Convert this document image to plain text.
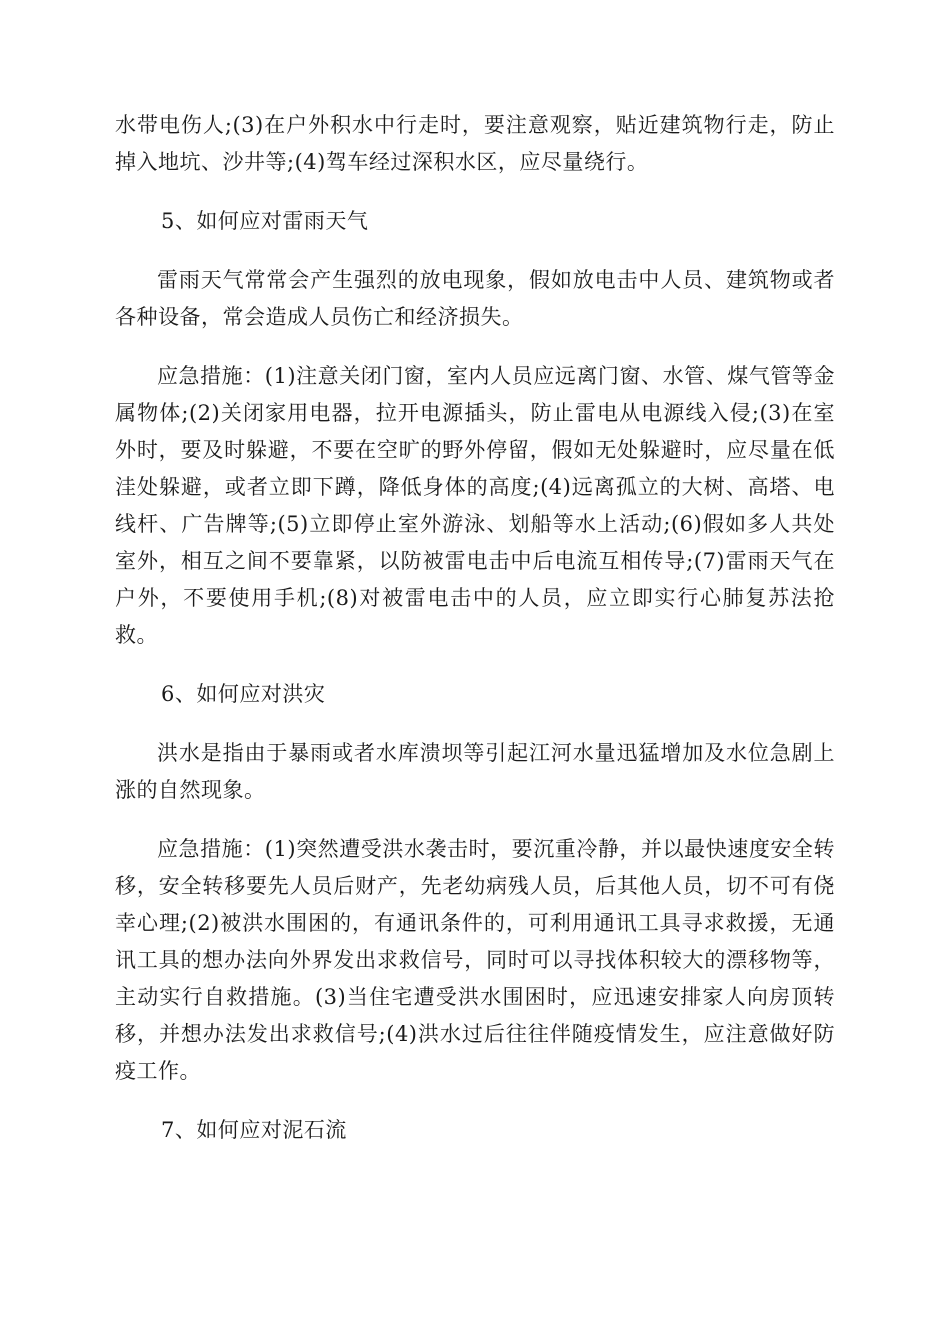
水带电伤人;(3)在户外积水中行走时，要注意观察，贴近建筑物行走，防止掉入地坑、沙井等;(4)驾车经过深积水区，应尽量绕行。

5、如何应对雷雨天气

雷雨天气常常会产生强烈的放电现象，假如放电击中人员、建筑物或者各种设备，常会造成人员伤亡和经济损失。

应急措施：(1)注意关闭门窗，室内人员应远离门窗、水管、煤气管等金属物体;(2)关闭家用电器，拉开电源插头，防止雷电从电源线入侵;(3)在室外时，要及时躲避，不要在空旷的野外停留，假如无处躲避时，应尽量在低洼处躲避，或者立即下蹲，降低身体的高度;(4)远离孤立的大树、高塔、电线杆、广告牌等;(5)立即停止室外游泳、划船等水上活动;(6)假如多人共处室外，相互之间不要靠紧，以防被雷电击中后电流互相传导;(7)雷雨天气在户外，不要使用手机;(8)对被雷电击中的人员，应立即实行心肺复苏法抢救。

6、如何应对洪灾

洪水是指由于暴雨或者水库溃坝等引起江河水量迅猛增加及水位急剧上涨的自然现象。

应急措施：(1)突然遭受洪水袭击时，要沉重冷静，并以最快速度安全转移，安全转移要先人员后财产，先老幼病残人员，后其他人员，切不可有侥幸心理;(2)被洪水围困的，有通讯条件的，可利用通讯工具寻求救援，无通讯工具的想办法向外界发出求救信号，同时可以寻找体积较大的漂移物等，主动实行自救措施。(3)当住宅遭受洪水围困时，应迅速安排家人向房顶转移，并想办法发出求救信号;(4)洪水过后往往伴随疫情发生，应注意做好防疫工作。

7、如何应对泥石流
